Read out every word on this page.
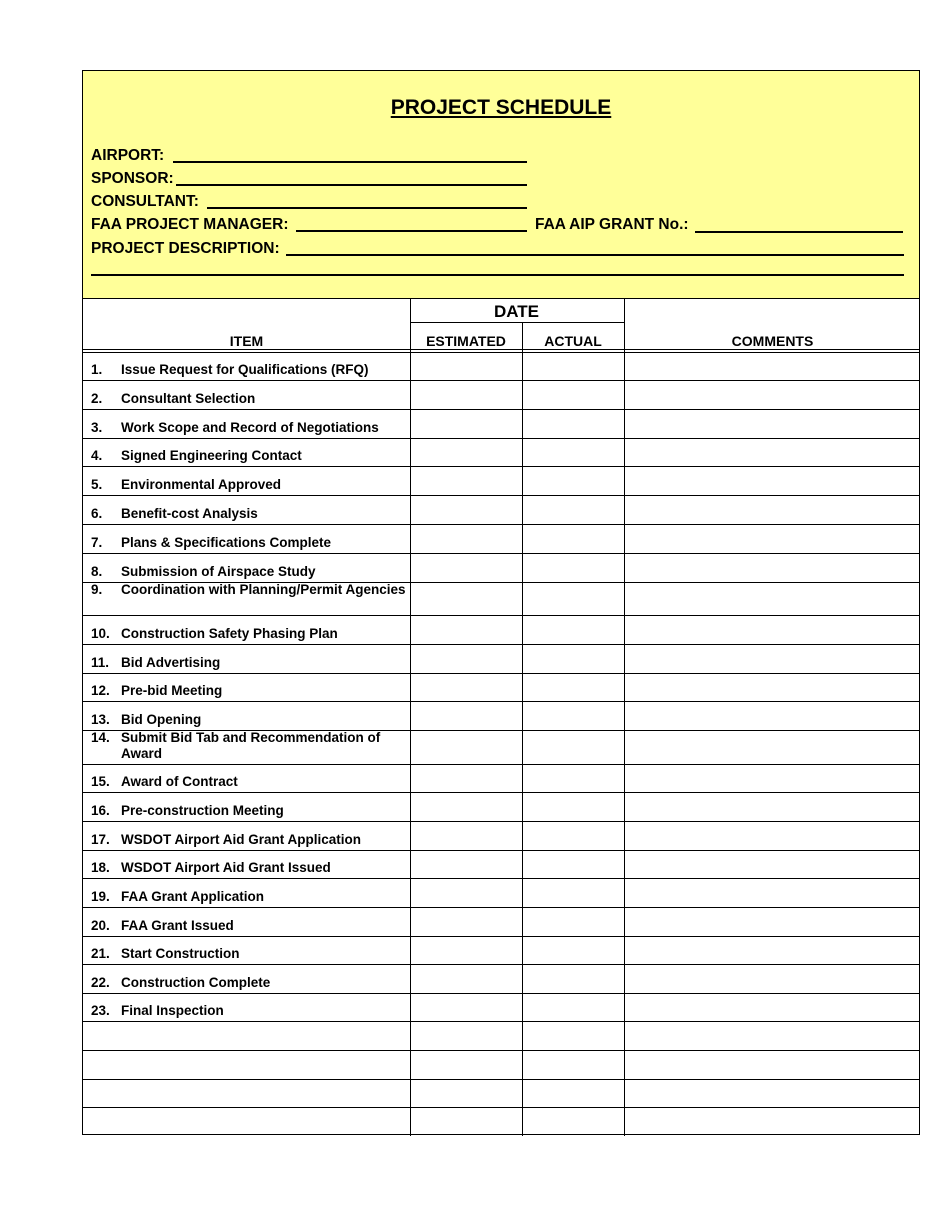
PROJECT SCHEDULE
AIRPORT:
SPONSOR:
CONSULTANT:
FAA PROJECT MANAGER:	FAA AIP GRANT No.:
PROJECT DESCRIPTION:
DATE
ITEM	ESTIMATED	ACTUAL	COMMENTS
1. Issue Request for Qualifications (RFQ)
2. Consultant Selection
3. Work Scope and Record of Negotiations
4. Signed Engineering Contact
5. Environmental Approved
6. Benefit-cost Analysis
7. Plans & Specifications Complete
8. Submission of Airspace Study
9. Coordination with Planning/Permit Agencies
10. Construction Safety Phasing Plan
11. Bid Advertising
12. Pre-bid Meeting
13. Bid Opening
14. Submit Bid Tab and Recommendation of Award
15. Award of Contract
16. Pre-construction Meeting
17. WSDOT Airport Aid Grant Application
18. WSDOT Airport Aid Grant Issued
19. FAA Grant Application
20. FAA Grant Issued
21. Start Construction
22. Construction Complete
23. Final Inspection
